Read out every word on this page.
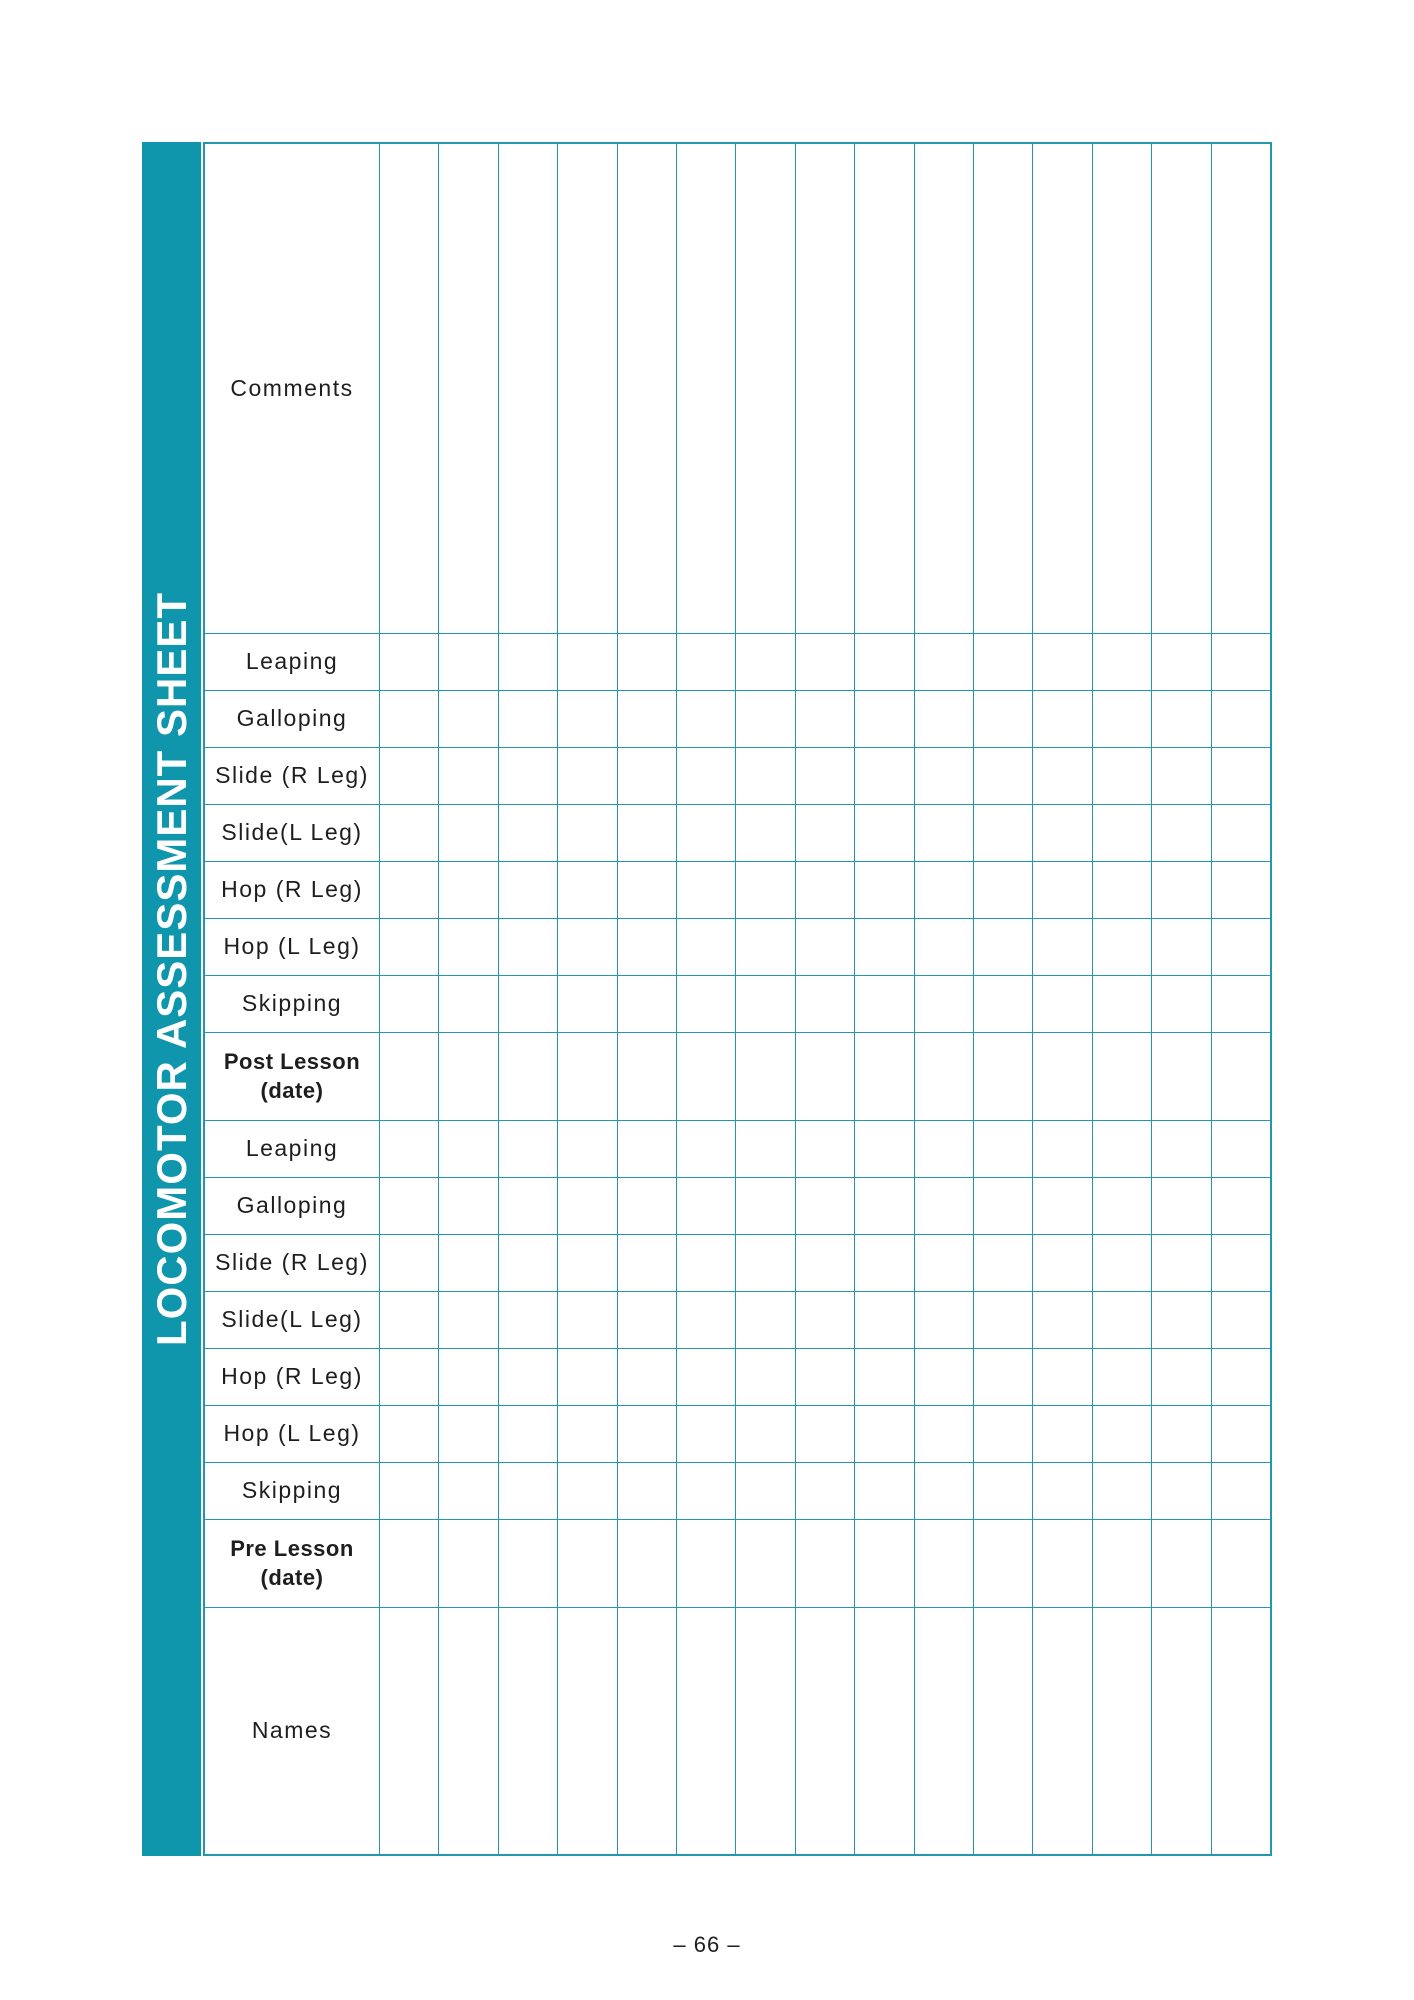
LOCOMOTOR ASSESSMENT SHEET
Comments
Leaping
Galloping
Slide (R Leg)
Slide(L Leg)
Hop (R Leg)
Hop (L Leg)
Skipping
Post Lesson (date)
Leaping
Galloping
Slide (R Leg)
Slide(L Leg)
Hop (R Leg)
Hop (L Leg)
Skipping
Pre Lesson (date)
Names
– 66 –
